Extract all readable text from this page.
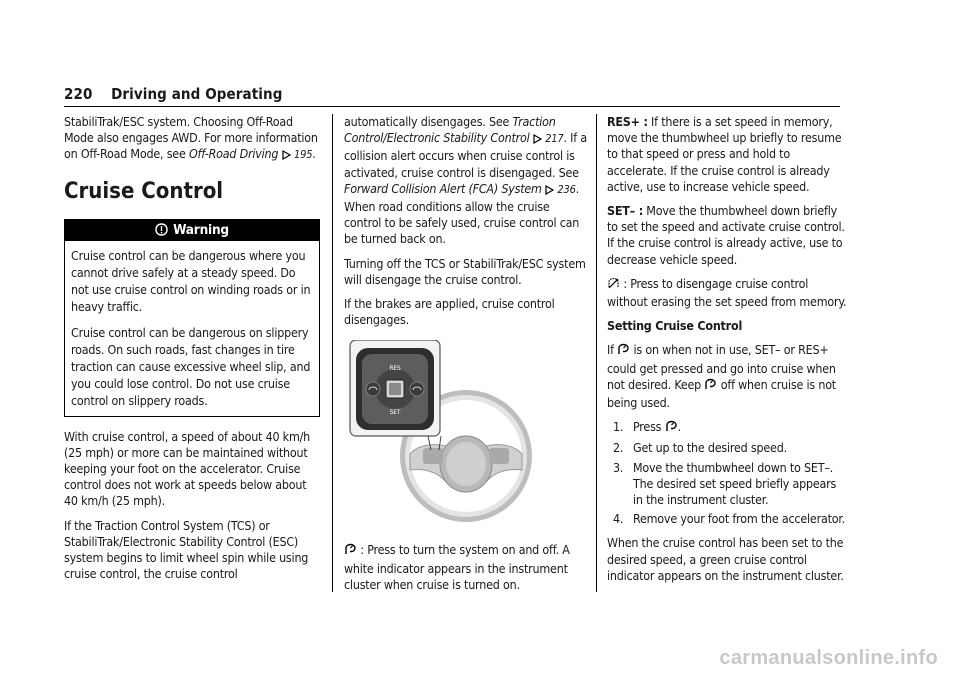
220 Driving and Operating

StabiliTrak/ESC system. Choosing Off-Road Mode also engages AWD. For more information on Off-Road Mode, see Off-Road Driving 195.

Cruise Control
Warning

Cruise control can be dangerous where you cannot drive safely at a steady speed. Do not use cruise control on winding roads or in heavy traffic.

Cruise control can be dangerous on slippery roads. On such roads, fast changes in tire traction can cause excessive wheel slip, and you could lose control. Do not use cruise control on slippery roads.

With cruise control, a speed of about 40 km/h (25 mph) or more can be maintained without keeping your foot on the accelerator. Cruise control does not work at speeds below about 40 km/h (25 mph).

If the Traction Control System (TCS) or StabiliTrak/Electronic Stability Control (ESC) system begins to limit wheel spin while using cruise control, the cruise control

automatically disengages. See Traction Control/Electronic Stability Control 217. If a collision alert occurs when cruise control is activated, cruise control is disengaged. See Forward Collision Alert (FCA) System 236. When road conditions allow the cruise control to be safely used, cruise control can be turned back on.

Turning off the TCS or StabiliTrak/ESC system will disengage the cruise control.

If the brakes are applied, cruise control disengages.

RES
SET

: Press to turn the system on and off. A white indicator appears in the instrument cluster when cruise is turned on.

RES+ : If there is a set speed in memory, move the thumbwheel up briefly to resume to that speed or press and hold to accelerate. If the cruise control is already active, use to increase vehicle speed.

SET– : Move the thumbwheel down briefly to set the speed and activate cruise control. If the cruise control is already active, use to decrease vehicle speed.

: Press to disengage cruise control without erasing the set speed from memory.

Setting Cruise Control

If  is on when not in use, SET– or RES+ could get pressed and go into cruise when not desired. Keep  off when cruise is not being used.

1. Press .
2. Get up to the desired speed.
3. Move the thumbwheel down to SET–. The desired set speed briefly appears in the instrument cluster.
4. Remove your foot from the accelerator.

When the cruise control has been set to the desired speed, a green cruise control indicator appears on the instrument cluster.

carmanualsonline.info
